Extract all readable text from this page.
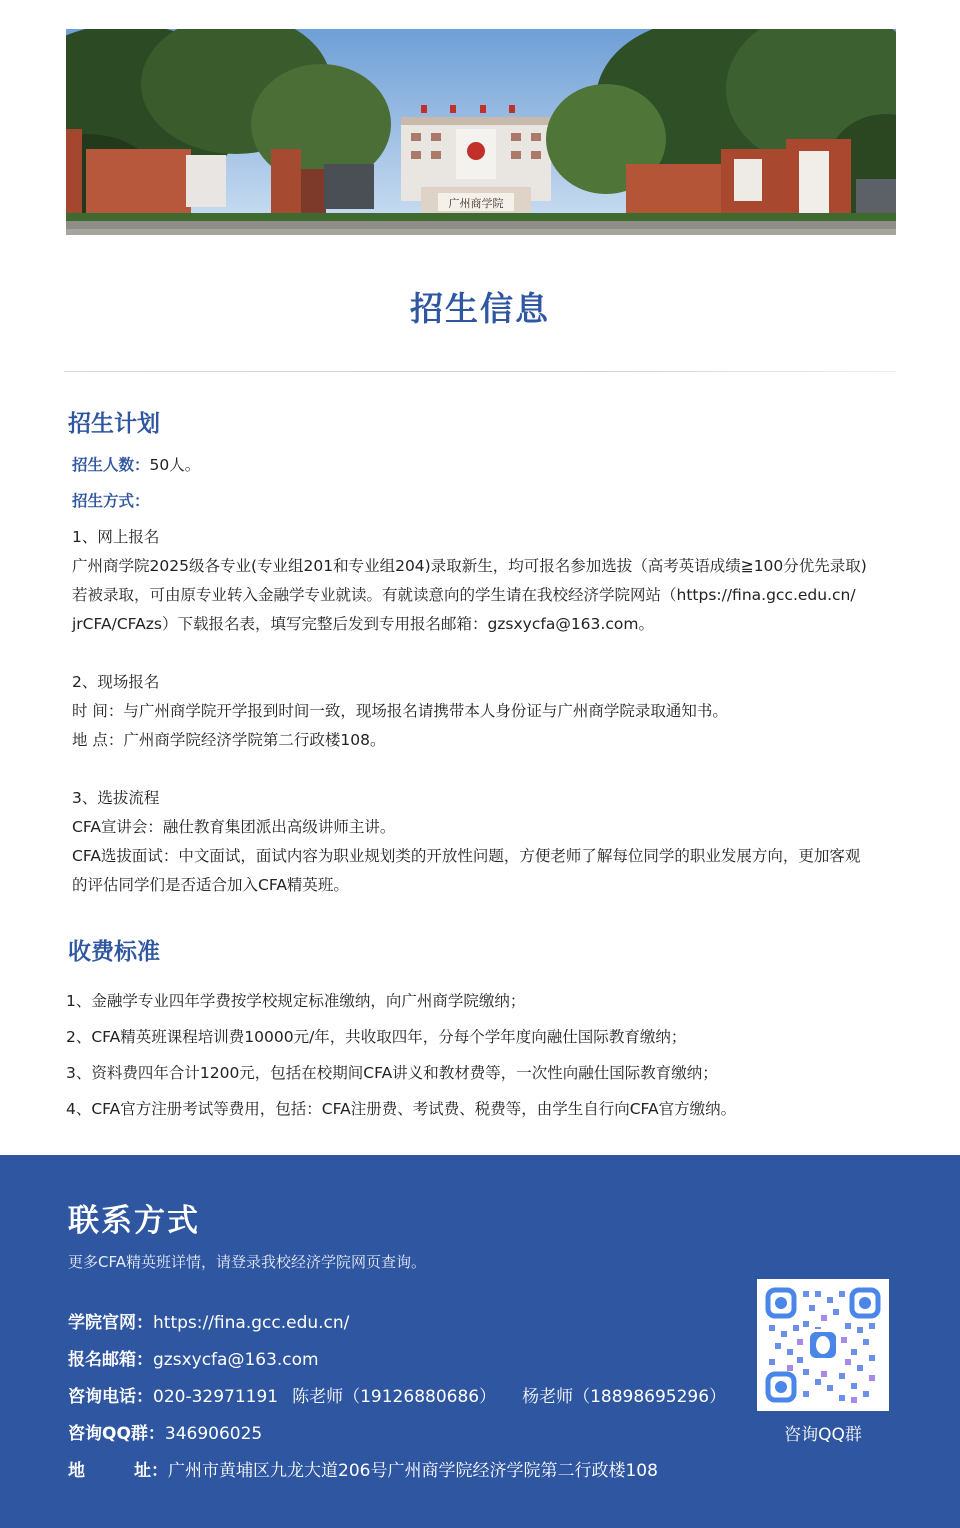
广州商学院
招生信息
招生计划

招生人数：50人。

招生方式：

1、网上报名

广州商学院2025级各专业(专业组201和专业组204)录取新生，均可报名参加选拔（高考英语成绩≧100分优先录取)

若被录取，可由原专业转入金融学专业就读。有就读意向的学生请在我校经济学院网站（https://fina.gcc.edu.cn/

jrCFA/CFAzs）下载报名表，填写完整后发到专用报名邮箱：gzsxycfa@163.com。

2、现场报名

时 间：与广州商学院开学报到时间一致，现场报名请携带本人身份证与广州商学院录取通知书。

地 点：广州商学院经济学院第二行政楼108。

3、选拔流程

CFA宣讲会：融仕教育集团派出高级讲师主讲。

CFA选拔面试：中文面试，面试内容为职业规划类的开放性问题，方便老师了解每位同学的职业发展方向，更加客观

的评估同学们是否适合加入CFA精英班。

收费标准

1、金融学专业四年学费按学校规定标准缴纳，向广州商学院缴纳；

2、CFA精英班课程培训费10000元/年，共收取四年，分每个学年度向融仕国际教育缴纳；

3、资料费四年合计1200元，包括在校期间CFA讲义和教材费等，一次性向融仕国际教育缴纳；

4、CFA官方注册考试等费用，包括：CFA注册费、考试费、税费等，由学生自行向CFA官方缴纳。

联系方式
更多CFA精英班详情，请登录我校经济学院网页查询。

学院官网：https://fina.gcc.edu.cn/

报名邮箱：gzsxycfa@163.com

咨询电话：020-32971191 陈老师（19126880686） 杨老师（18898695296）

咨询QQ群：346906025

地	址：广州市黄埔区九龙大道206号广州商学院经济学院第二行政楼108

咨询QQ群
